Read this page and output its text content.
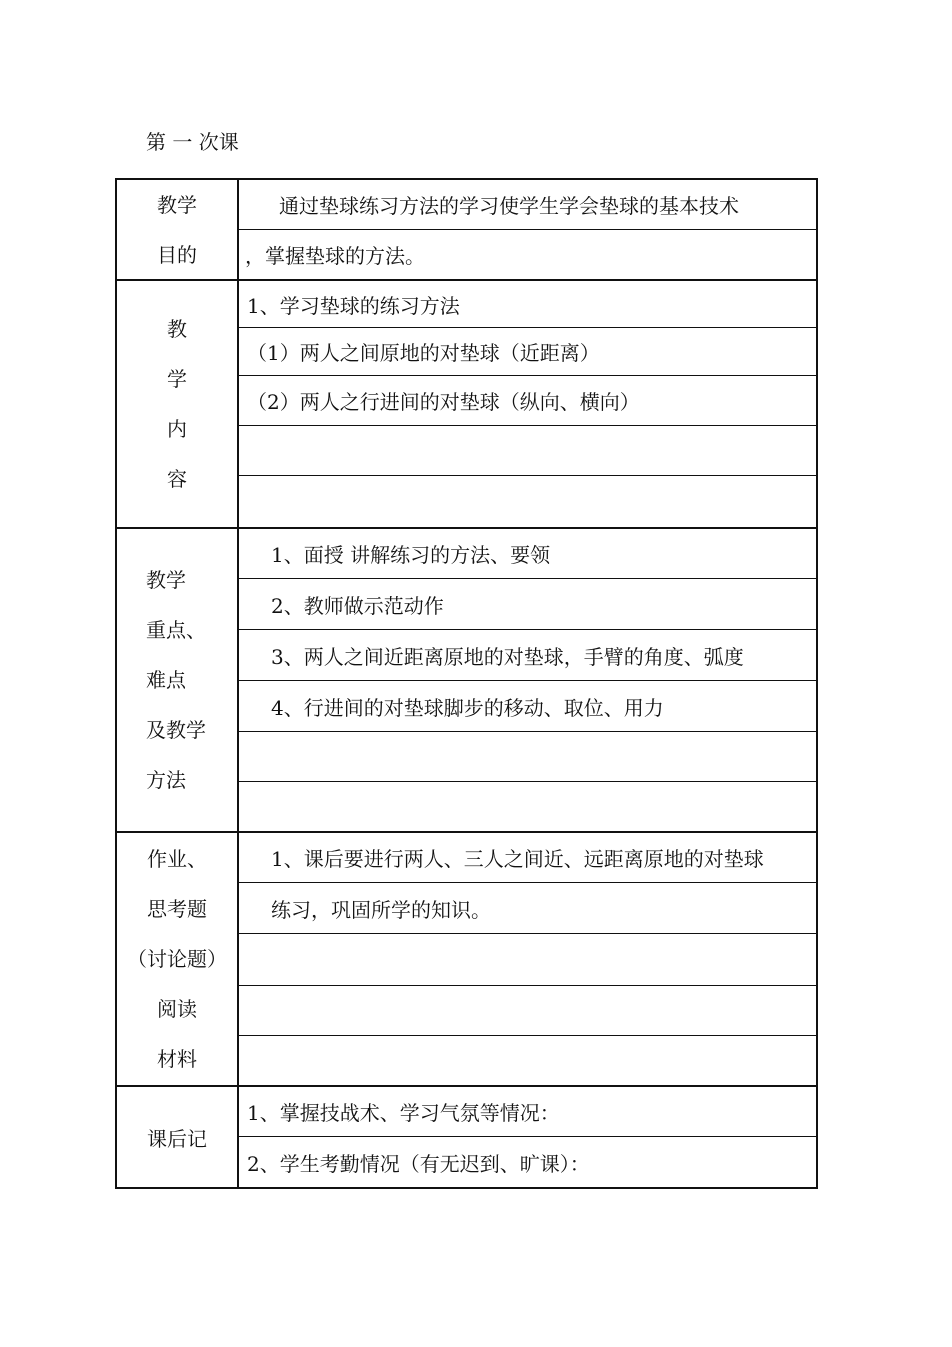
第 一 次课
教学
目的
通过垫球练习方法的学习使学生学会垫球的基本技术
，掌握垫球的方法。
教
学
内
容
1、学习垫球的练习方法
（1）两人之间原地的对垫球（近距离）
（2）两人之行进间的对垫球（纵向、横向）
教学
重点、
难点
及教学
方法
1、面授 讲解练习的方法、要领
2、教师做示范动作
3、两人之间近距离原地的对垫球，手臂的角度、弧度
4、行进间的对垫球脚步的移动、取位、用力
作业、
思考题
（讨论题）
阅读
材料
1、课后要进行两人、三人之间近、远距离原地的对垫球
练习，巩固所学的知识。
课后记
1、掌握技战术、学习气氛等情况：
2、学生考勤情况（有无迟到、旷课）：
